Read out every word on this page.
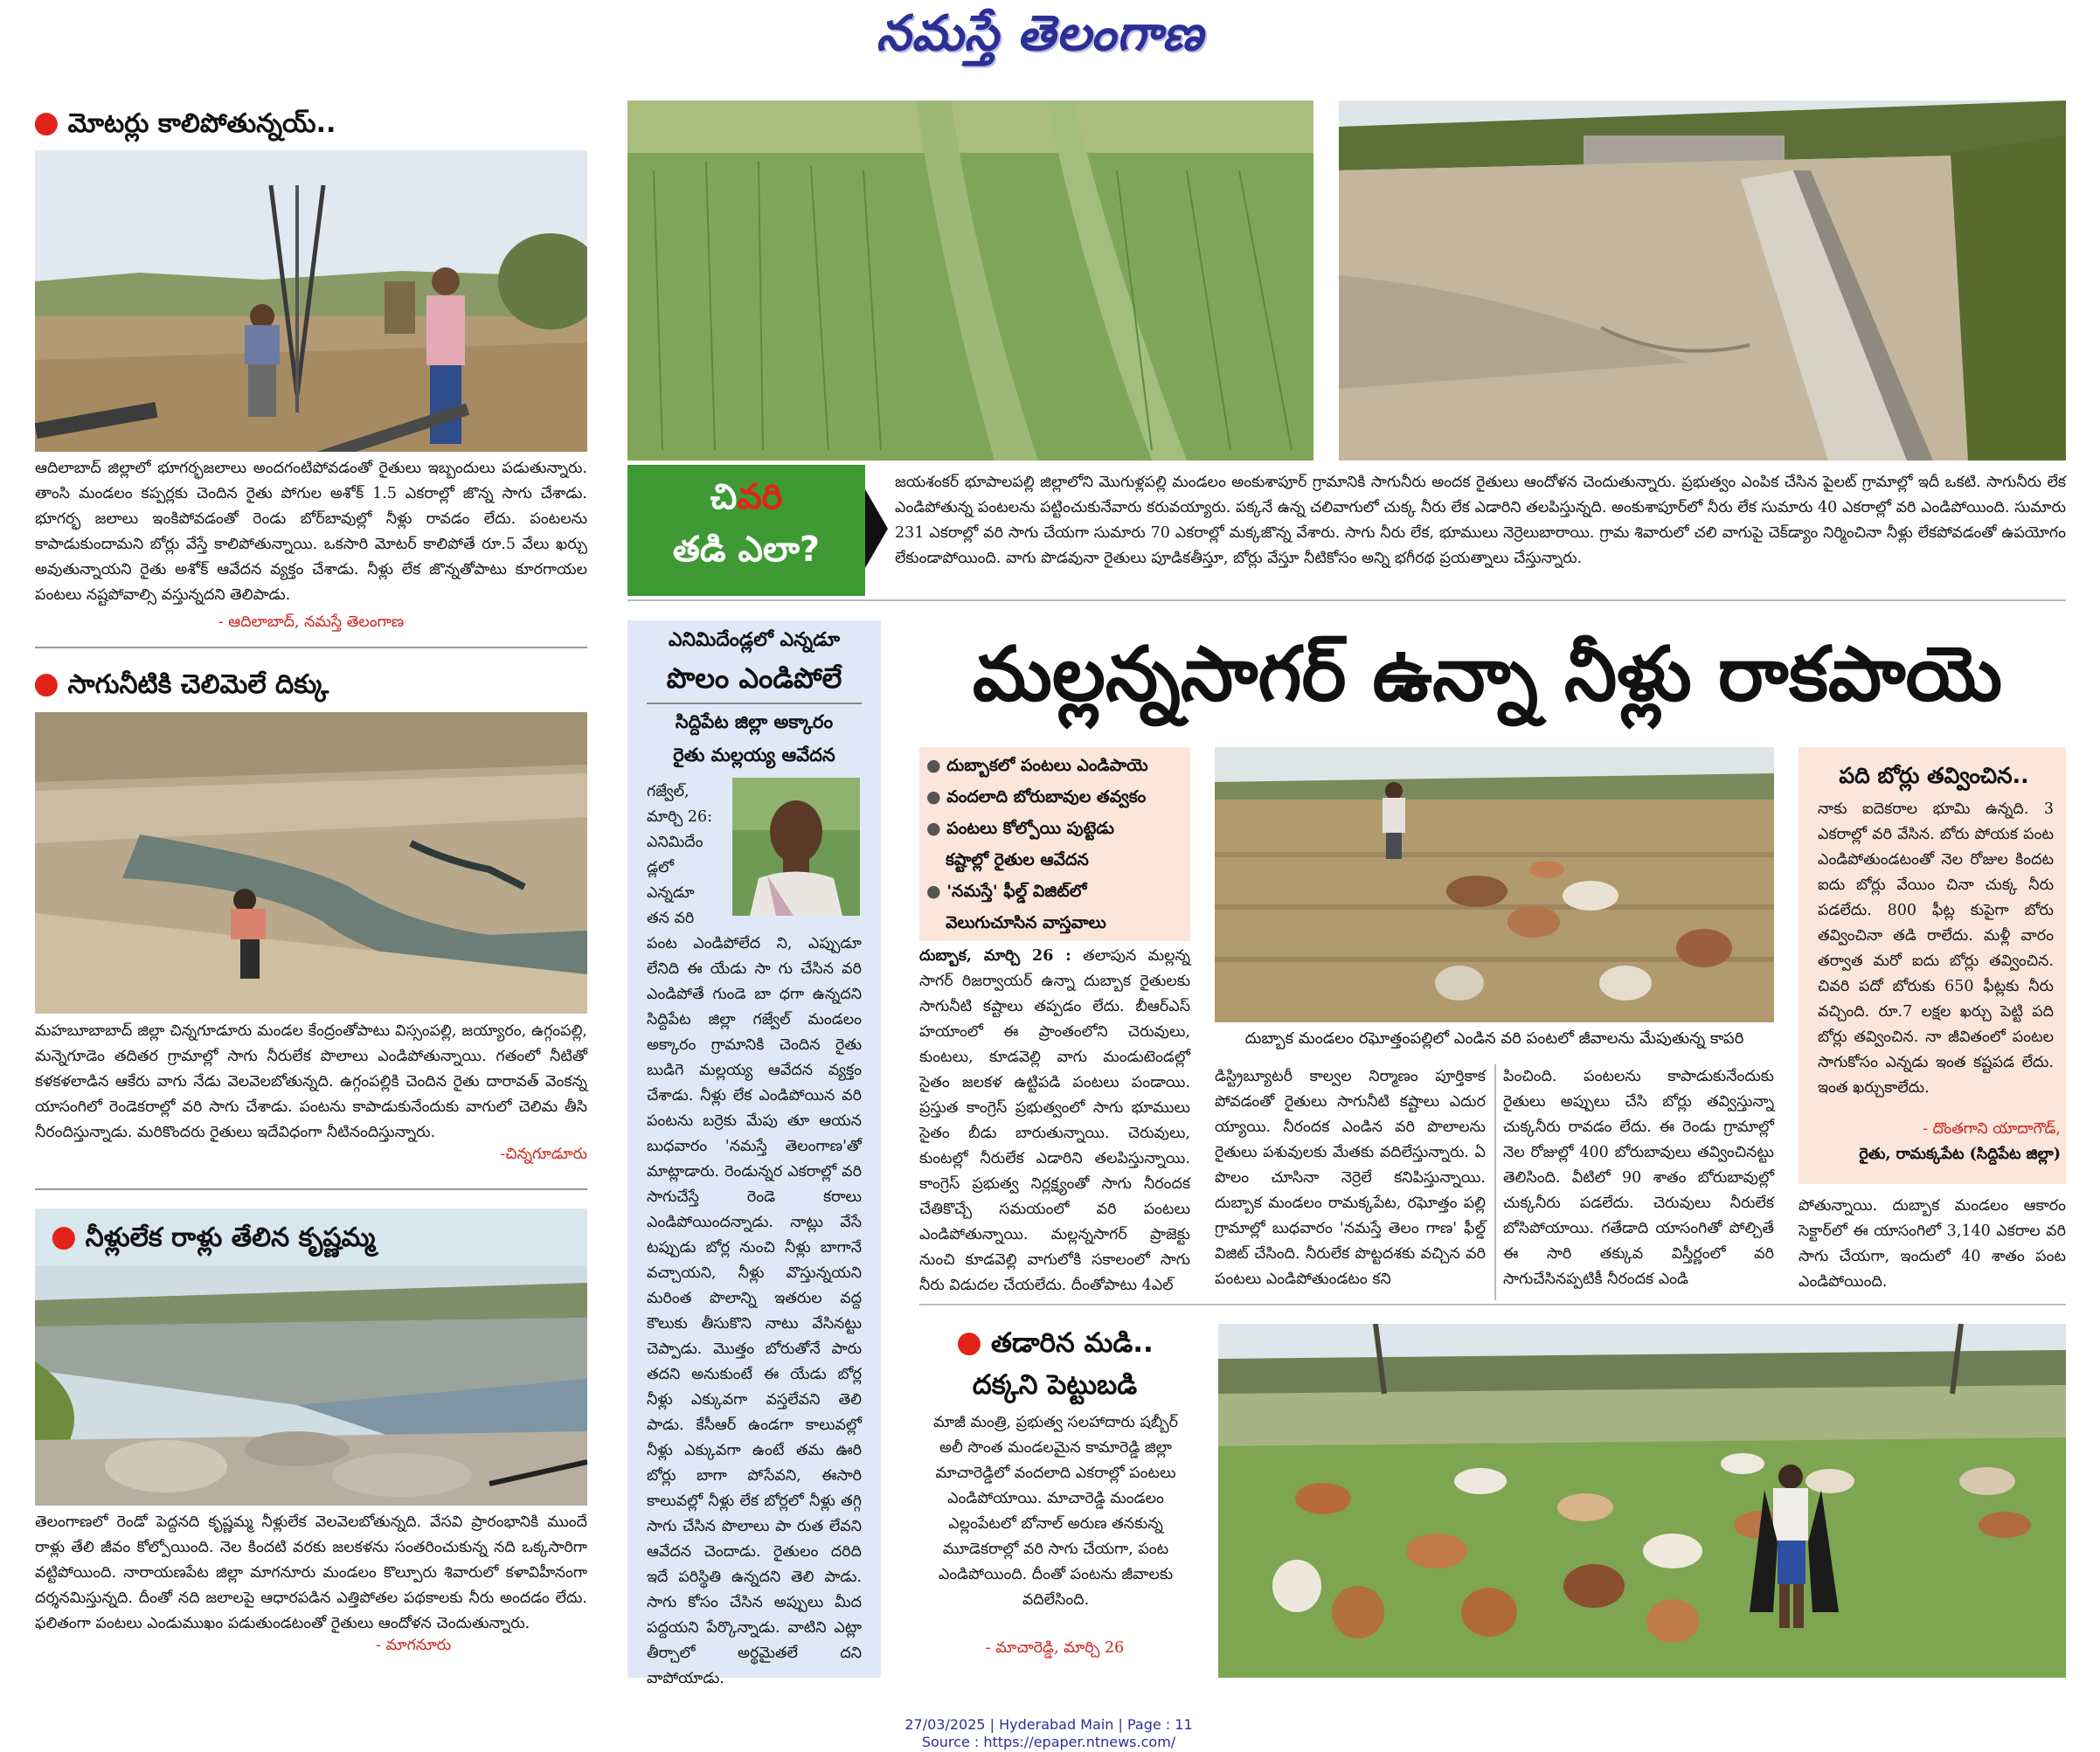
నమస్తే తెలంగాణ
● మోటర్లు కాలిపోతున్నయ్..
ఆదిలాబాద్ జిల్లాలో భూగర్భజలాలు అందగంటిపోవడంతో రైతులు ఇబ్బందులు పడుతున్నారు. తాంసి మండలం కప్పర్లకు చెందిన రైతు పోగుల అశోక్ 1.5 ఎకరాల్లో జొన్న సాగు చేశాడు. భూగర్భ జలాలు ఇంకిపోవడంతో రెండు బోర్‌బావుల్లో నీళ్లు రావడం లేదు. పంటలను కాపాడుకుందామని బోర్లు వేస్తే కాలిపోతున్నాయి. ఒకసారి మోటర్ కాలిపోతే రూ.5 వేలు ఖర్చు అవుతున్నాయని రైతు అశోక్ ఆవేదన వ్యక్తం చేశాడు. నీళ్లు లేక జొన్నతోపాటు కూరగాయల పంటలు నష్టపోవాల్సి వస్తున్నదని తెలిపాడు.
- ఆదిలాబాద్, నమస్తే తెలంగాణ
● సాగునీటికి చెలిమెలే దిక్కు
మహబూబాబాద్ జిల్లా చిన్నగూడూరు మండల కేంద్రంతోపాటు విస్సంపల్లి, జయ్యారం, ఉగ్గంపల్లి, మన్నెగూడెం తదితర గ్రామాల్లో సాగు నీరులేక పొలాలు ఎండిపోతున్నాయి. గతంలో నీటితో కళకళలాడిన ఆకేరు వాగు నేడు వెలవెలబోతున్నది. ఉగ్గంపల్లికి చెందిన రైతు దారావత్ వెంకన్న యాసంగిలో రెండెకరాల్లో వరి సాగు చేశాడు. పంటను కాపాడుకునేందుకు వాగులో చెలిమ తీసి నీరందిస్తున్నాడు. మరికొందరు రైతులు ఇదేవిధంగా నీటినందిస్తున్నారు.
-చిన్నగూడూరు
● నీళ్లులేక రాళ్లు తేలిన కృష్ణమ్మ
తెలంగాణలో రెండో పెద్దనది కృష్ణమ్మ నీళ్లులేక వెలవెలబోతున్నది. వేసవి ప్రారంభానికి ముందే రాళ్లు తేలి జీవం కోల్పోయింది. నెల కిందటి వరకు జలకళను సంతరించుకున్న నది ఒక్కసారిగా వట్టిపోయింది. నారాయణపేట జిల్లా మాగనూరు మండలం కొల్పూరు శివారులో కళావిహీనంగా దర్శనమిస్తున్నది. దీంతో నది జలాలపై ఆధారపడిన ఎత్తిపోతల పథకాలకు నీరు అందడం లేదు. ఫలితంగా పంటలు ఎండుముఖం పడుతుండటంతో రైతులు ఆందోళన చెందుతున్నారు.
- మాగనూరు
చివరి
తడి ఎలా?
జయశంకర్ భూపాలపల్లి జిల్లాలోని మొగుళ్లపల్లి మండలం అంకుశాపూర్ గ్రామానికి సాగునీరు అందక రైతులు ఆందోళన చెందుతున్నారు. ప్రభుత్వం ఎంపిక చేసిన పైలట్ గ్రామాల్లో ఇదీ ఒకటి. సాగునీరు లేక ఎండిపోతున్న పంటలను పట్టించుకునేవారు కరువయ్యారు. పక్కనే ఉన్న చలివాగులో చుక్క నీరు లేక ఎడారిని తలపిస్తున్నది. అంకుశాపూర్‌లో నీరు లేక సుమారు 40 ఎకరాల్లో వరి ఎండిపోయింది. సుమారు 231 ఎకరాల్లో వరి సాగు చేయగా సుమారు 70 ఎకరాల్లో మక్కజొన్న వేశారు. సాగు నీరు లేక, భూములు నెర్రెలుబారాయి. గ్రామ శివారులో చలి వాగుపై చెక్‌డ్యాం నిర్మించినా నీళ్లు లేకపోవడంతో ఉపయోగం లేకుండాపోయింది. వాగు పొడవునా రైతులు పూడికతీస్తూ, బోర్లు వేస్తూ నీటికోసం అన్ని భగీరథ ప్రయత్నాలు చేస్తున్నారు.
ఎనిమిదేండ్లలో ఎన్నడూ
పొలం ఎండిపోలే
సిద్దిపేట జిల్లా అక్కారం
రైతు మల్లయ్య ఆవేదన
గజ్వేల్,
మార్చి 26:
ఎనిమిదేం
డ్లలో
ఎన్నడూ
తన వరి
పంట ఎండిపోలేద ని, ఎప్పుడూ లేనిది ఈ యేడు సా గు చేసిన వరి ఎండిపోతే గుండె బా ధగా ఉన్నదని సిద్దిపేట జిల్లా గజ్వేల్ మండలం అక్కారం గ్రామానికి చెందిన రైతు బుడిగె మల్లయ్య ఆవేదన వ్యక్తం చేశాడు. నీళ్లు లేక ఎండిపోయిన వరి పంటను బర్రెకు మేపు తూ ఆయన బుధవారం 'నమస్తే తెలంగాణ'తో మాట్లాడారు. రెండున్నర ఎకరాల్లో వరి సాగుచేస్తే రెండె కరాలు ఎండిపోయిందన్నాడు. నాట్లు వేసే టప్పుడు బోర్ల నుంచి నీళ్లు బాగానే వచ్చాయని, నీళ్లు వొస్తున్నయని మరింత పొలాన్ని ఇతరుల వద్ద కౌలుకు తీసుకొని నాటు వేసినట్టు చెప్పాడు. మొత్తం బోరుతోనే పారు తదని అనుకుంటే ఈ యేడు బోర్ల నీళ్లు ఎక్కువగా వస్తలేవని తెలి పాడు. కేసీఆర్ ఉండగా కాలువల్లో నీళ్లు ఎక్కువగా ఉంటే తమ ఊరి బోర్లు బాగా పోసేవని, ఈసారి కాలువల్లో నీళ్లు లేక బోర్లలో నీళ్లు తగ్గి సాగు చేసిన పొలాలు పా రుత లేవని ఆవేదన చెందాడు. రైతులం దరిది ఇదే పరిస్థితి ఉన్నదని తెలి పాడు. సాగు కోసం చేసిన అప్పులు మీద పద్దయని పేర్కొన్నాడు. వాటిని ఎట్లా తీర్చాలో అర్థమైతలే దని వాపోయాడు.
మల్లన్నసాగర్ ఉన్నా నీళ్లు రాకపాయె
● దుబ్బాకలో పంటలు ఎండిపాయె
● వందలాది బోరుబావుల తవ్వకం
● పంటలు కోల్పోయి పుట్టెడు
కష్టాల్లో రైతుల ఆవేదన
● 'నమస్తే' ఫీల్డ్ విజిట్‌లో
వెలుగుచూసిన వాస్తవాలు
దుబ్బాక, మార్చి 26 : తలాపున మల్లన్న సాగర్ రిజర్వాయర్ ఉన్నా దుబ్బాక రైతులకు సాగునీటి కష్టాలు తప్పడం లేదు. బీఆర్ఎస్ హయాంలో ఈ ప్రాంతంలోని చెరువులు, కుంటలు, కూడవెల్లి వాగు మండుటెండల్లో సైతం జలకళ ఉట్టిపడి పంటలు పండాయి. ప్రస్తుత కాంగ్రెస్ ప్రభుత్వంలో సాగు భూములు సైతం బీడు బారుతున్నాయి. చెరువులు, కుంటల్లో నీరులేక ఎడారిని తలపిస్తున్నాయి. కాంగ్రెస్ ప్రభుత్వ నిర్లక్ష్యంతో సాగు నీరందక చేతికొచ్చే సమయంలో వరి పంటలు ఎండిపోతున్నాయి. మల్లన్నసాగర్ ప్రాజెక్టు నుంచి కూడవెల్లి వాగులోకి సకాలంలో సాగు నీరు విడుదల చేయలేదు. దీంతోపాటు 4ఎల్
దుబ్బాక మండలం రఘోత్తంపల్లిలో ఎండిన వరి పంటలో జీవాలను మేపుతున్న కాపరి
డిస్ట్రిబ్యూటరీ కాల్వల నిర్మాణం పూర్తికాక పోవడంతో రైతులు సాగునీటి కష్టాలు ఎదుర య్యాయి. నీరందక ఎండిన వరి పొలాలను రైతులు పశువులకు మేతకు వదిలేస్తున్నారు. ఏ పొలం చూసినా నెర్రెలే కనిపిస్తున్నాయి. దుబ్బాక మండలం రామక్కపేట, రఘోత్తం పల్లి గ్రామాల్లో బుధవారం 'నమస్తే తెలం గాణ' ఫీల్డ్ విజిట్ చేసింది. నీరులేక పొట్టదశకు వచ్చిన వరి పంటలు ఎండిపోతుండటం కని
పించింది. పంటలను కాపాడుకునేందుకు రైతులు అప్పులు చేసి బోర్లు తవ్విస్తున్నా చుక్కనీరు రావడం లేదు. ఈ రెండు గ్రామాల్లో నెల రోజుల్లో 400 బోరుబావులు తవ్వించినట్టు తెలిసింది. వీటిలో 90 శాతం బోరుబావుల్లో చుక్కనీరు పడలేదు. చెరువులు నీరులేక బోసిపోయాయి. గతేడాది యాసంగితో పోల్చితే ఈ సారి తక్కువ విస్తీర్ణంలో వరి సాగుచేసినప్పటికీ నీరందక ఎండి
పది బోర్లు తవ్వించిన..
నాకు ఐదెకరాల భూమి ఉన్నది. 3 ఎకరాల్లో వరి వేసిన. బోరు పోయక పంట ఎండిపోతుండటంతో నెల రోజుల కిందట ఐదు బోర్లు వేయిం చినా చుక్క నీరు పడలేదు. 800 ఫీట్ల కుపైగా బోరు తవ్వించినా తడి రాలేదు. మళ్లీ వారం తర్వాత మరో ఐదు బోర్లు తవ్వించిన. చివరి పదో బోరుకు 650 ఫీట్లకు నీరు వచ్చింది. రూ.7 లక్షల ఖర్చు పెట్టి పది బోర్లు తవ్వించిన. నా జీవితంలో పంటల సాగుకోసం ఎన్నడు ఇంత కష్టపడ లేదు. ఇంత ఖర్చుకాలేదు.
- దొంతగాని యాదాగౌడ్,
రైతు, రామక్కపేట (సిద్దిపేట జిల్లా)
పోతున్నాయి. దుబ్బాక మండలం ఆకారం సెక్టార్‌లో ఈ యాసంగిలో 3,140 ఎకరాల వరి సాగు చేయగా, ఇందులో 40 శాతం పంట ఎండిపోయింది.
● తడారిన మడి..
దక్కని పెట్టుబడి
మాజీ మంత్రి, ప్రభుత్వ సలహాదారు షబ్బీర్ అలీ సొంత మండలమైన కామారెడ్డి జిల్లా మాచారెడ్డిలో వందలాది ఎకరాల్లో పంటలు ఎండిపోయాయి. మాచారెడ్డి మండలం ఎల్లంపేటలో బోనాల్ అరుణ తనకున్న మూడెకరాల్లో వరి సాగు చేయగా, పంట ఎండిపోయింది. దీంతో పంటను జీవాలకు వదిలేసింది.
- మాచారెడ్డి, మార్చి 26
27/03/2025 | Hyderabad Main | Page : 11
Source : https://epaper.ntnews.com/
